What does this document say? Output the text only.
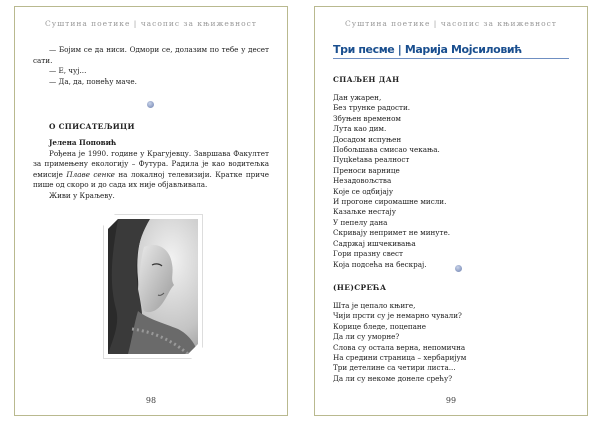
Суштина поетике | часопис за књижевност

— Бојим се да ниси. Одмори се, долазим по тебе у десет сати.

— Е, чуј...

— Да, да, понећу мачe.

О СПИСАТЕЉИЦИ

Јелена Поповић

Рођена је 1990. године у Крагујевцу. Завршава Факултет за примењену екологију – Футура. Радила је као водитељка емисије Плаве сенке на локалној телевизији. Кратке приче пише од скоро и до сада их није објављивала.

Живи у Краљеву.

98
Суштина поетике | часопис за књижевност
Три песме | Марија Мојсиловић
СПАЉЕН ДАН
Дан ужарен,
Без трунке радости.
Збуњен временом
Лута као дим.
Досадом испуњен
Побољшава смисао чекања.
Пуцketава реалност
Преноси варнице
Незадовољства
Које се одбијају
И прогоне сиромашне мисли.
Казаљке нестају
У пепелу дана
Скривају непримет не минуте.
Садржај ишчекивања
Гори празну свест
Која подсећа на бескрај.
(НЕ)СРЕЋА
Шта је цепало књиге,
Чији прсти су је немарно чували?
Корице бледе, поцепане
Да ли су уморне?
Слова су остала верна, непомична
На средини страница – хербаријум
Три детелине са четири листа...
Да ли су некоме донеле срећу?
99
